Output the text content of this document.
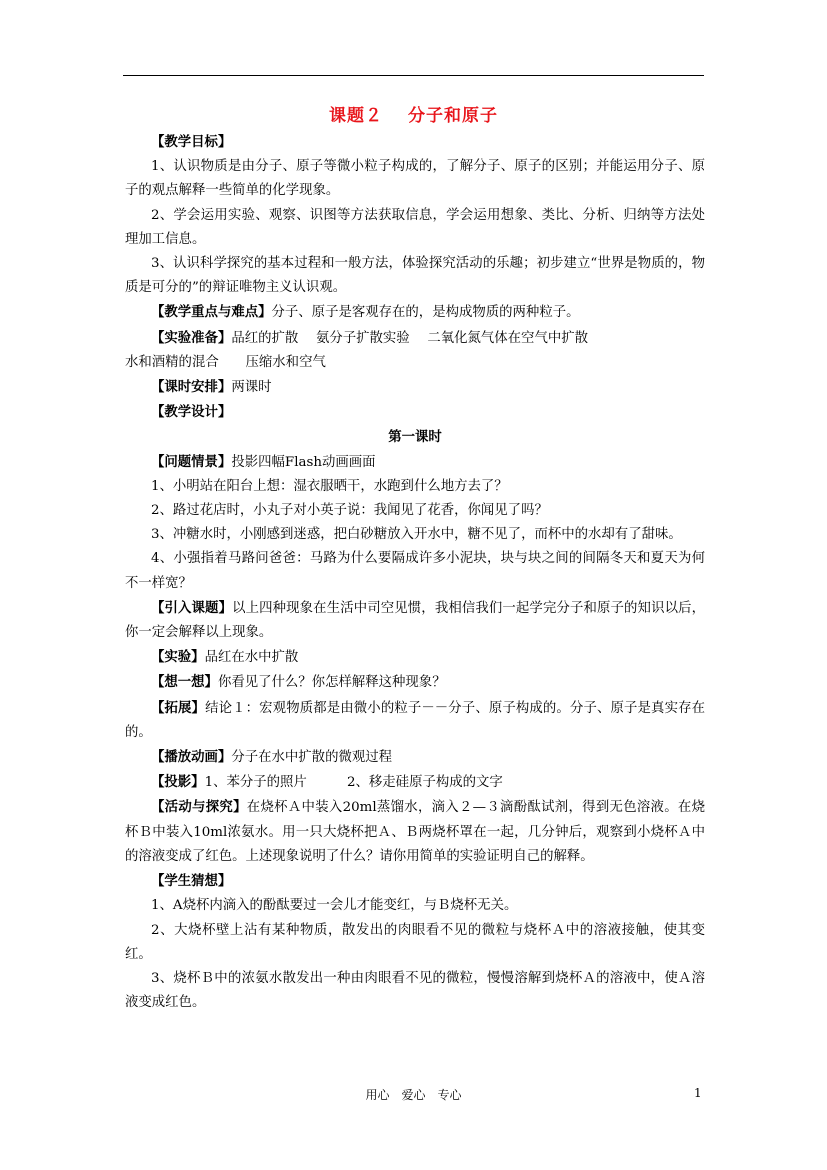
课题２　 分子和原子
【教学目标】
1、认识物质是由分子、原子等微小粒子构成的，了解分子、原子的区别；并能运用分子、原子的观点解释一些简单的化学现象。
2、学会运用实验、观察、识图等方法获取信息，学会运用想象、类比、分析、归纳等方法处理加工信息。
3、认识科学探究的基本过程和一般方法，体验探究活动的乐趣；初步建立“世界是物质的，物质是可分的”的辩证唯物主义认识观。
【教学重点与难点】分子、原子是客观存在的，是构成物质的两种粒子。
【实验准备】品红的扩散　 氨分子扩散实验　 二氧化氮气体在空气中扩散
水和酒精的混合　　压缩水和空气
【课时安排】两课时
【教学设计】
第一课时
【问题情景】投影四幅Flash动画画面
1、小明站在阳台上想：湿衣服晒干，水跑到什么地方去了？
2、路过花店时，小丸子对小英子说：我闻见了花香，你闻见了吗？
3、冲糖水时，小刚感到迷惑，把白砂糖放入开水中，糖不见了，而杯中的水却有了甜味。
4、小强指着马路问爸爸：马路为什么要隔成许多小泥块，块与块之间的间隔冬天和夏天为何不一样宽？
【引入课题】以上四种现象在生活中司空见惯，我相信我们一起学完分子和原子的知识以后，你一定会解释以上现象。
【实验】品红在水中扩散
【想一想】你看见了什么？你怎样解释这种现象？
【拓展】结论１：宏观物质都是由微小的粒子－－分子、原子构成的。分子、原子是真实存在的。
【播放动画】分子在水中扩散的微观过程
【投影】1、苯分子的照片　　　2、移走硅原子构成的文字
【活动与探究】在烧杯Ａ中装入20ml蒸馏水，滴入２—３滴酚酞试剂，得到无色溶液。在烧杯Ｂ中装入10ml浓氨水。用一只大烧杯把Ａ、Ｂ两烧杯罩在一起，几分钟后，观察到小烧杯Ａ中的溶液变成了红色。上述现象说明了什么？请你用简单的实验证明自己的解释。
【学生猜想】
1、A烧杯内滴入的酚酞要过一会儿才能变红，与Ｂ烧杯无关。
2、大烧杯壁上沾有某种物质，散发出的肉眼看不见的微粒与烧杯Ａ中的溶液接触，使其变红。
3、烧杯Ｂ中的浓氨水散发出一种由肉眼看不见的微粒，慢慢溶解到烧杯Ａ的溶液中，使Ａ溶液变成红色。
用心　爱心　专心	1
